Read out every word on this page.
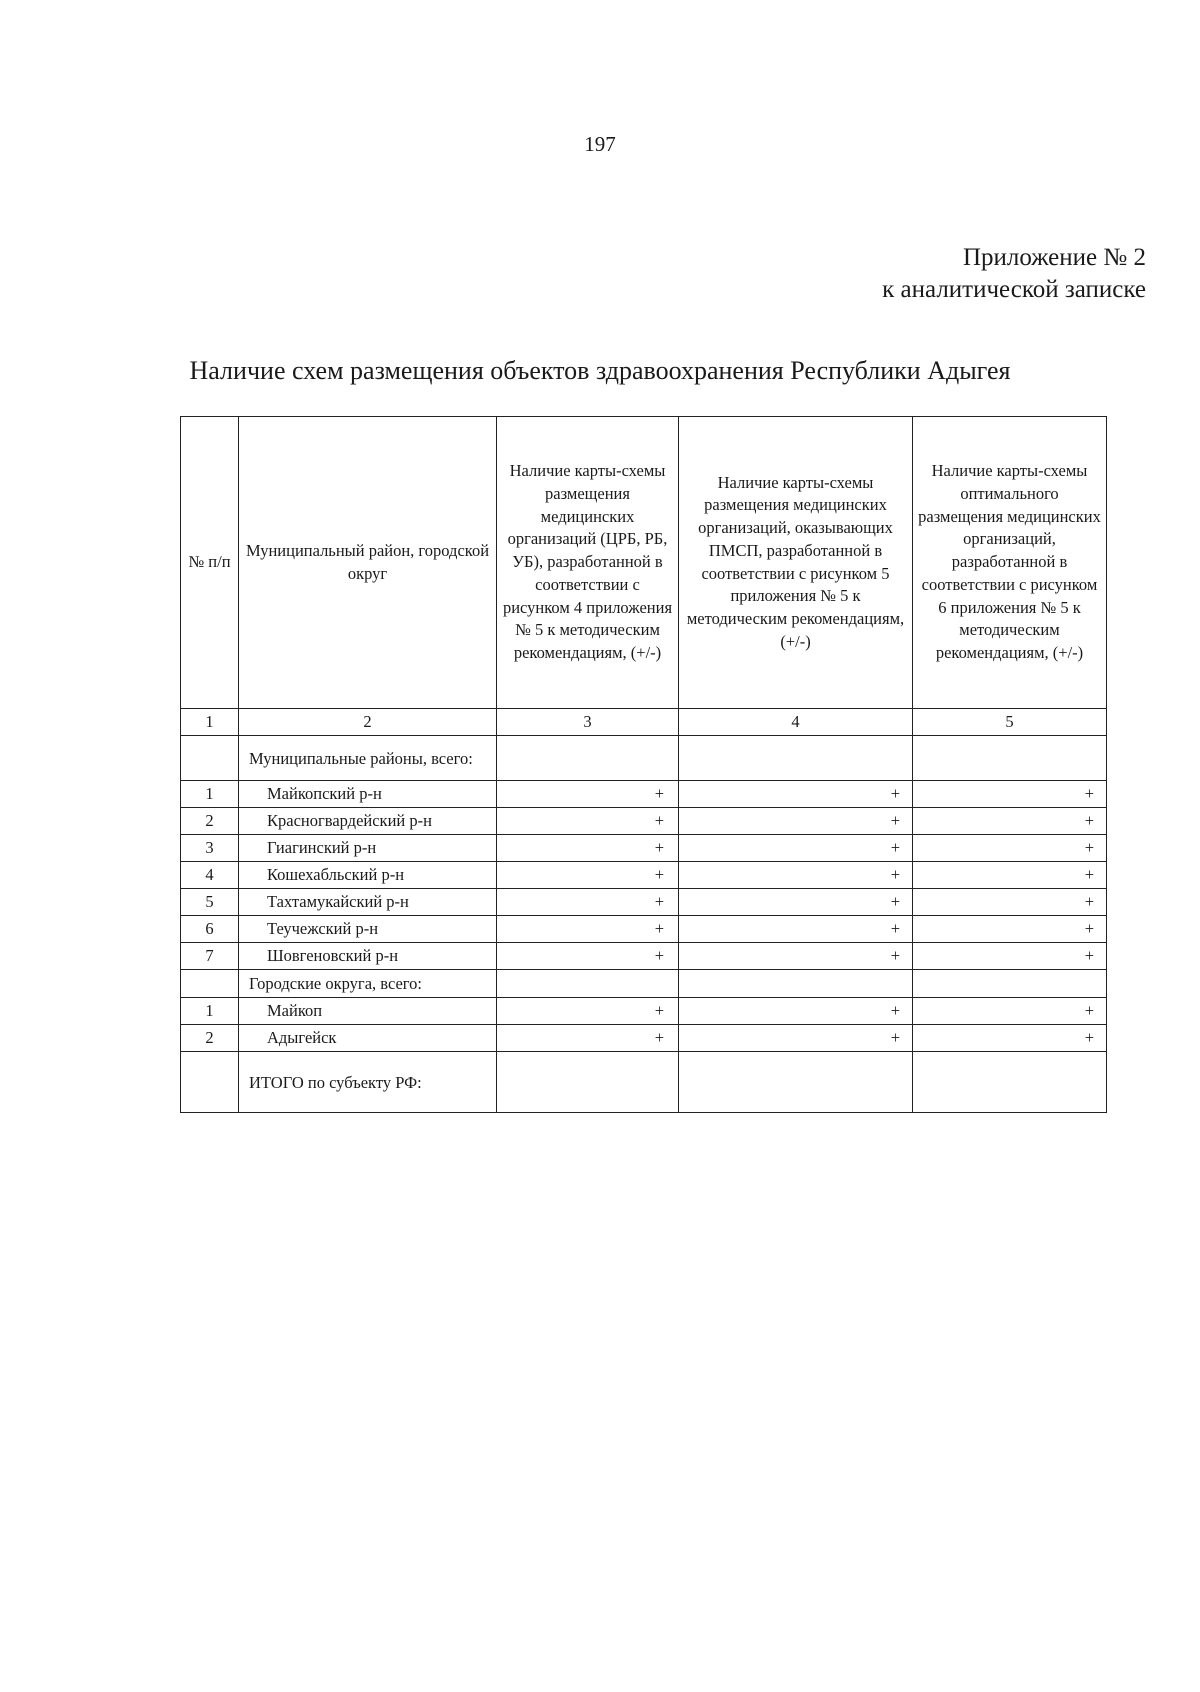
197
Приложение № 2
к аналитической записке
Наличие схем размещения объектов здравоохранения Республики Адыгея
№ п/п	Муниципальный район, городской округ	Наличие карты-схемы размещения медицинских организаций (ЦРБ, РБ, УБ), разработанной в соответствии с рисунком 4 приложения № 5 к методическим рекомендациям, (+/-)	Наличие карты-схемы размещения медицинских организаций, оказывающих ПМСП, разработанной в соответствии с рисунком 5 приложения № 5 к методическим рекомендациям, (+/-)	Наличие карты-схемы оптимального размещения медицинских организаций, разработанной в соответствии с рисунком 6 приложения № 5 к методическим рекомендациям, (+/-)
1	2	3	4	5
	Муниципальные районы, всего:			
1	Майкопский р-н	+	+	+
2	Красногвардейский р-н	+	+	+
3	Гиагинский р-н	+	+	+
4	Кошехабльский р-н	+	+	+
5	Тахтамукайский р-н	+	+	+
6	Теучежский р-н	+	+	+
7	Шовгеновский р-н	+	+	+
	Городские округа, всего:			
1	Майкоп	+	+	+
2	Адыгейск	+	+	+
	ИТОГО по субъекту РФ:			
